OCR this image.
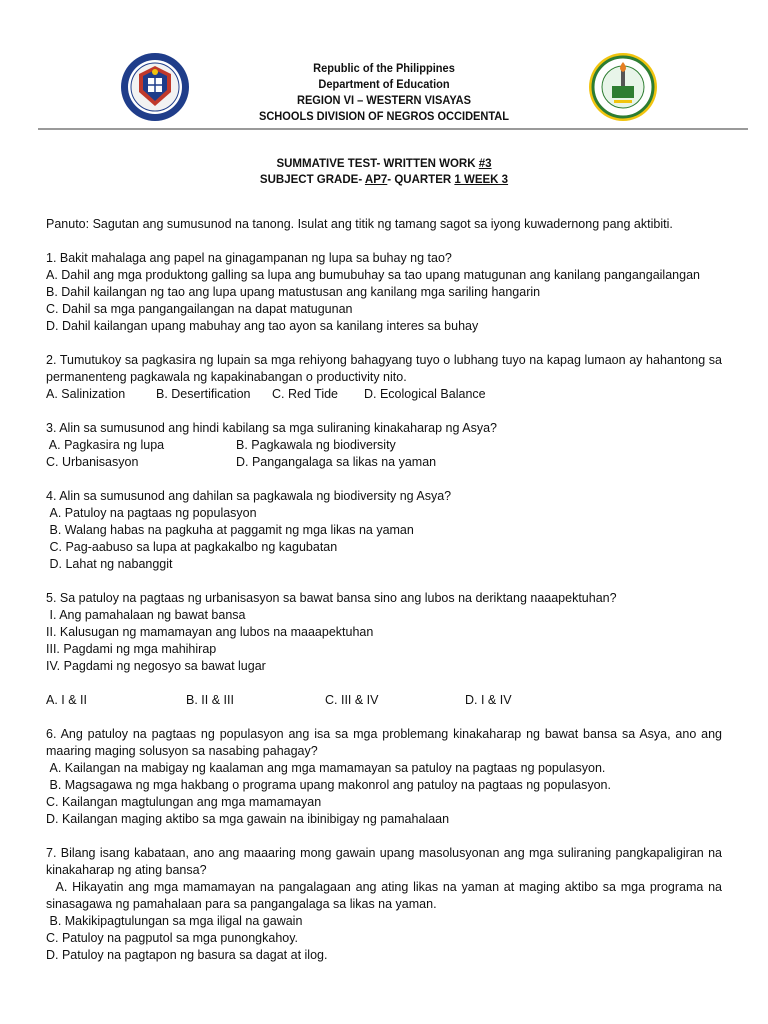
Republic of the Philippines
Department of Education
REGION VI – WESTERN VISAYAS
SCHOOLS DIVISION OF NEGROS OCCIDENTAL
SUMMATIVE TEST- WRITTEN WORK #3
SUBJECT GRADE- AP7- QUARTER 1 WEEK 3

Panuto: Sagutan ang sumusunod na tanong. Isulat ang titik ng tamang sagot sa iyong kuwadernong pang aktibiti.

1. Bakit mahalaga ang papel na ginagampanan ng lupa sa buhay ng tao?

A. Dahil ang mga produktong galling sa lupa ang bumubuhay sa tao upang matugunan ang kanilang pangangailangan

B. Dahil kailangan ng tao ang lupa upang matustusan ang kanilang mga sariling hangarin

C. Dahil sa mga pangangailangan na dapat matugunan

D. Dahil kailangan upang mabuhay ang tao ayon sa kanilang interes sa buhay

2. Tumutukoy sa pagkasira ng lupain sa mga rehiyong bahagyang tuyo o lubhang tuyo na kapag lumaon ay hahantong sa permanenteng pagkawala ng kapakinabangan o productivity nito.

A. Salinization	B. Desertification	C. Red Tide	D. Ecological Balance

3. Alin sa sumusunod ang hindi kabilang sa mga suliraning kinakaharap ng Asya?

A. Pagkasira ng lupa	B. Pagkawala ng biodiversity
C. Urbanisasyon	D. Pangangalaga sa likas na yaman

4. Alin sa sumusunod ang dahilan sa pagkawala ng biodiversity ng Asya?

A. Patuloy na pagtaas ng populasyon

B. Walang habas na pagkuha at paggamit ng mga likas na yaman

C. Pag-aabuso sa lupa at pagkakalbo ng kagubatan

D. Lahat ng nabanggit

5. Sa patuloy na pagtaas ng urbanisasyon sa bawat bansa sino ang lubos na deriktang naaapektuhan?

I. Ang pamahalaan ng bawat bansa

II. Kalusugan ng mamamayan ang lubos na maaapektuhan

III. Pagdami ng mga mahihirap

IV. Pagdami ng negosyo sa bawat lugar

A. I & II	B. II & III	C. III & IV	D. I & IV

6. Ang patuloy na pagtaas ng populasyon ang isa sa mga problemang kinakaharap ng bawat bansa sa Asya, ano ang maaring maging solusyon sa nasabing pahagay?

A. Kailangan na mabigay ng kaalaman ang mga mamamayan sa patuloy na pagtaas ng populasyon.

B. Magsagawa ng mga hakbang o programa upang makonrol ang patuloy na pagtaas ng populasyon.

C. Kailangan magtulungan ang mga mamamayan

D. Kailangan maging aktibo sa mga gawain na ibinibigay ng pamahalaan

7. Bilang isang kabataan, ano ang maaaring mong gawain upang masolusyonan ang mga suliraning pangkapaligiran na kinakaharap ng ating bansa?

A. Hikayatin ang mga mamamayan na pangalagaan ang ating likas na yaman at maging aktibo sa mga programa na sinasagawa ng pamahalaan para sa pangangalaga sa likas na yaman.

B. Makikipagtulungan sa mga iligal na gawain

C. Patuloy na pagputol sa mga punongkahoy.

D. Patuloy na pagtapon ng basura sa dagat at ilog.
